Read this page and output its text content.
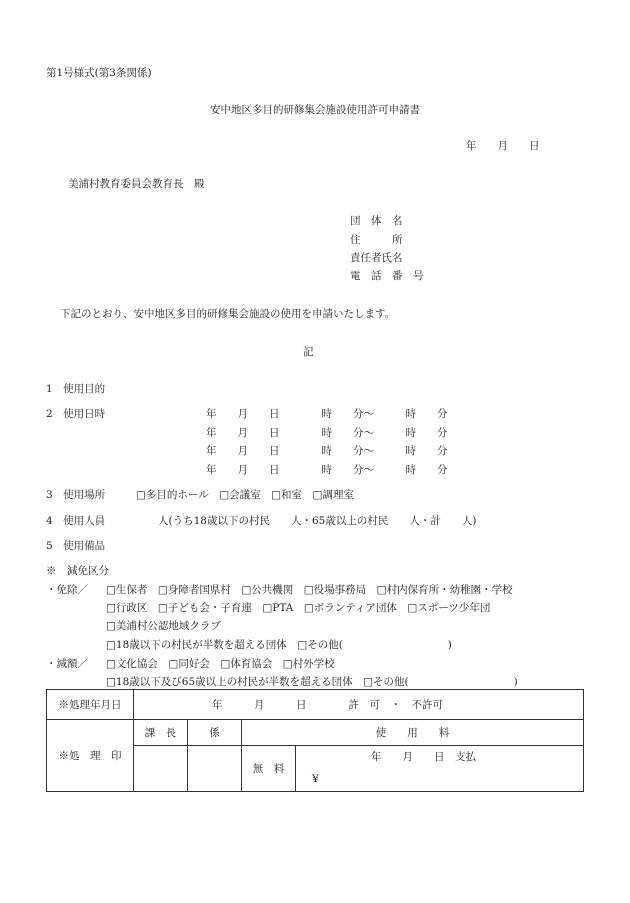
第1号様式(第3条関係)
安中地区多目的研修集会施設使用許可申請書
年　　月　　日
美浦村教育委員会教育長　殿
団　体　名
住　　　所
責任者氏名
電　話　番　号
下記のとおり、安中地区多目的研修集会施設の使用を申請いたします。
記
1　使用目的
2　使用日時	年　　月　　日　　　　時　　分～　　　時　　分
年　　月　　日　　　　時　　分～　　　時　　分
年　　月　　日　　　　時　　分～　　　時　　分
年　　月　　日　　　　時　　分～　　　時　　分
3　使用場所	□多目的ホール　□会議室　□和室　□調理室
4　使用人員	人(うち18歳以下の村民　　人・65歳以上の村民　　人・計　　人)
5　使用備品
※　減免区分
・免除／ □生保者　□身障者国県村　□公共機関　□役場事務局　□村内保育所・幼稚園・学校
□行政区　□子ども会・子育連　□PTA　□ボランティア団体　□スポーツ少年団
□美浦村公認地域クラブ
□18歳以下の村民が半数を超える団体　□その他(　　　　　　　　　　)
・減額／ □文化協会　□同好会　□体育協会　□村外学校
□18歳以下及び65歳以上の村民が半数を超える団体　□その他(　　　　　　　　　　)
※処理年月日	年　　　月　　　日　　　　許　可　・　不許可			
※処　理　印	課　長	係	使　　用　　料	
			無　料	年　　月　　日　支払
				¥
